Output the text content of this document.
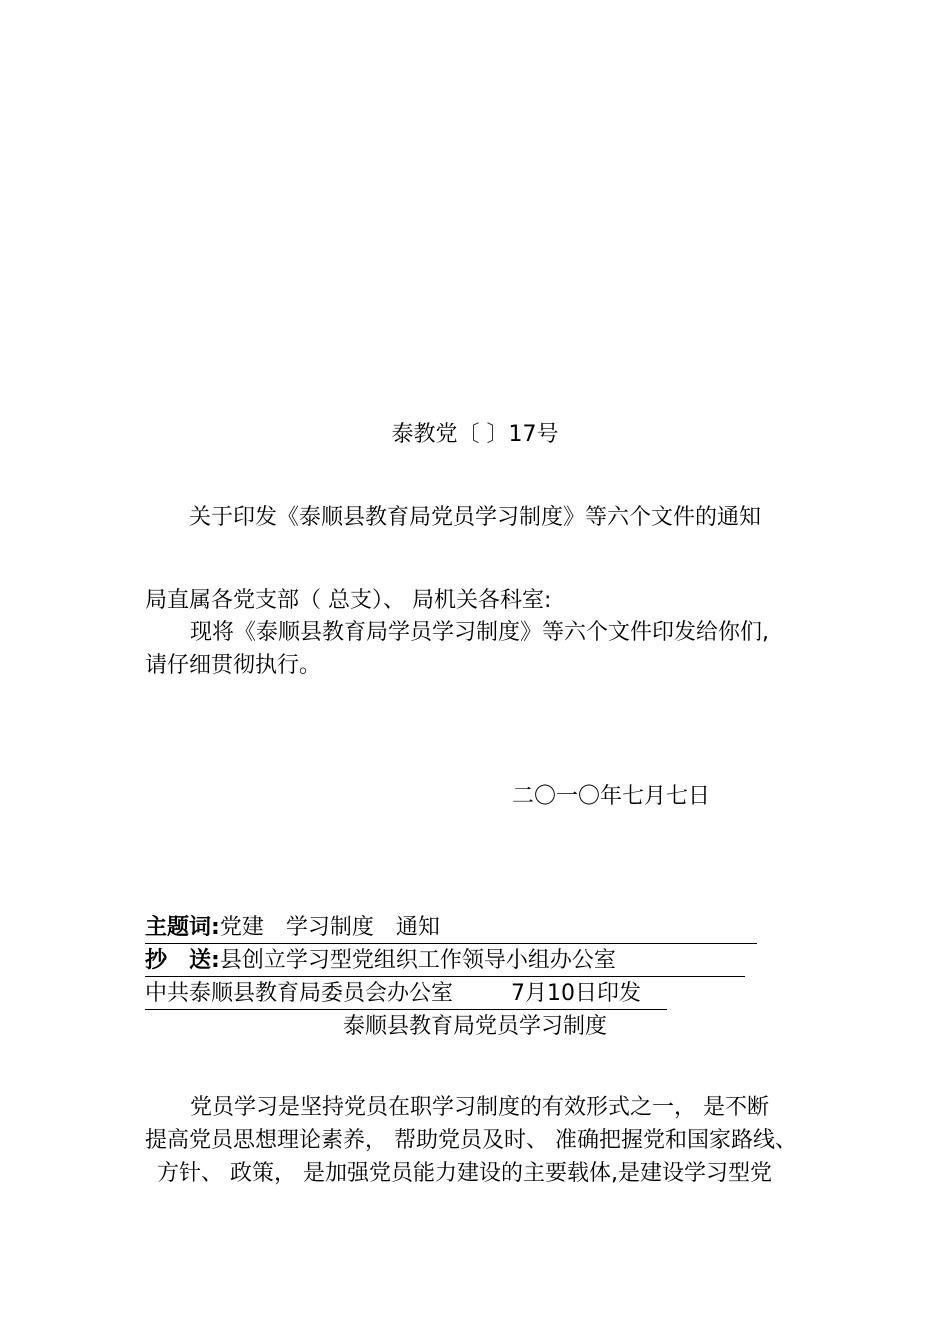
泰教党〔 〕17号
关于印发《泰顺县教育局党员学习制度》等六个文件的通知
局直属各党支部（ 总支）、 局机关各科室:
现将《泰顺县教育局学员学习制度》等六个文件印发给你们,
请仔细贯彻执行。
二〇一〇年七月七日
主题词:党建　学习制度　通知
抄　送:县创立学习型党组织工作领导小组办公室
中共泰顺县教育局委员会办公室	7月10日印发
泰顺县教育局党员学习制度
党员学习是坚持党员在职学习制度的有效形式之一， 是不断
提高党员思想理论素养， 帮助党员及时、 准确把握党和国家路线、
方针、 政策， 是加强党员能力建设的主要载体,是建设学习型党
